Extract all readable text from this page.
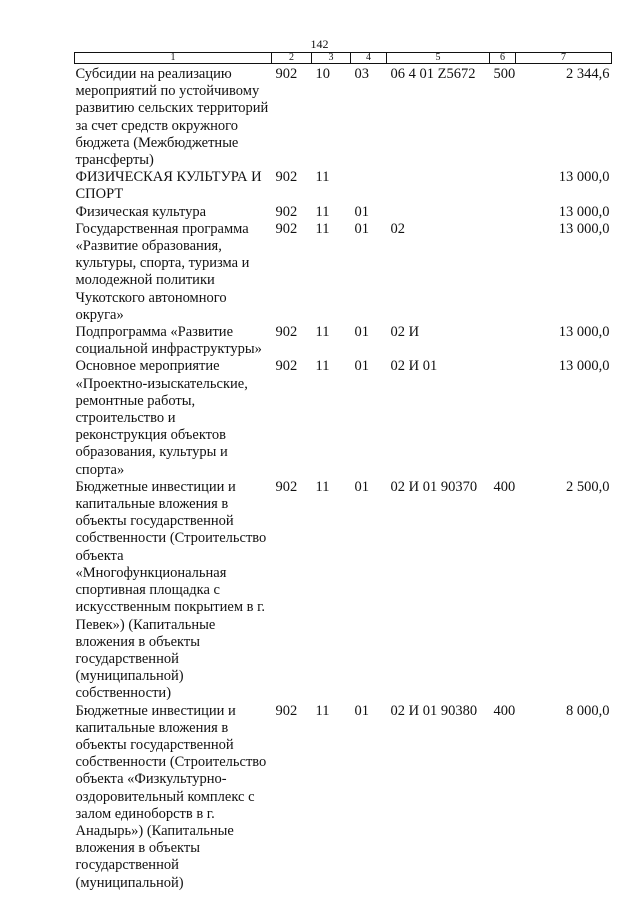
142
1	2	3	4	5	6	7
Субсидии на реализацию мероприятий по устойчивому развитию сельских территорий за счет средств окружного бюджета (Межбюджетные трансферты)	902	10	03	06 4 01 Z5672	500	2 344,6
ФИЗИЧЕСКАЯ КУЛЬТУРА И СПОРТ	902	11				13 000,0
Физическая культура	902	11	01			13 000,0
Государственная программа «Развитие образования, культуры, спорта, туризма и молодежной политики Чукотского автономного округа»	902	11	01	02		13 000,0
Подпрограмма «Развитие социальной инфраструктуры»	902	11	01	02 И		13 000,0
Основное мероприятие «Проектно-изыскательские, ремонтные работы, строительство и реконструкция объектов образования, культуры и спорта»	902	11	01	02 И 01		13 000,0
Бюджетные инвестиции и капитальные вложения в объекты государственной собственности (Строительство объекта «Многофункциональная спортивная площадка с искусственным покрытием в г. Певек») (Капитальные вложения в объекты государственной (муниципальной) собственности)	902	11	01	02 И 01 90370	400	2 500,0
Бюджетные инвестиции и капитальные вложения в объекты государственной собственности (Строительство объекта «Физкультурно-оздоровительный комплекс с залом единоборств в г. Анадырь») (Капитальные вложения в объекты государственной (муниципальной)	902	11	01	02 И 01 90380	400	8 000,0
